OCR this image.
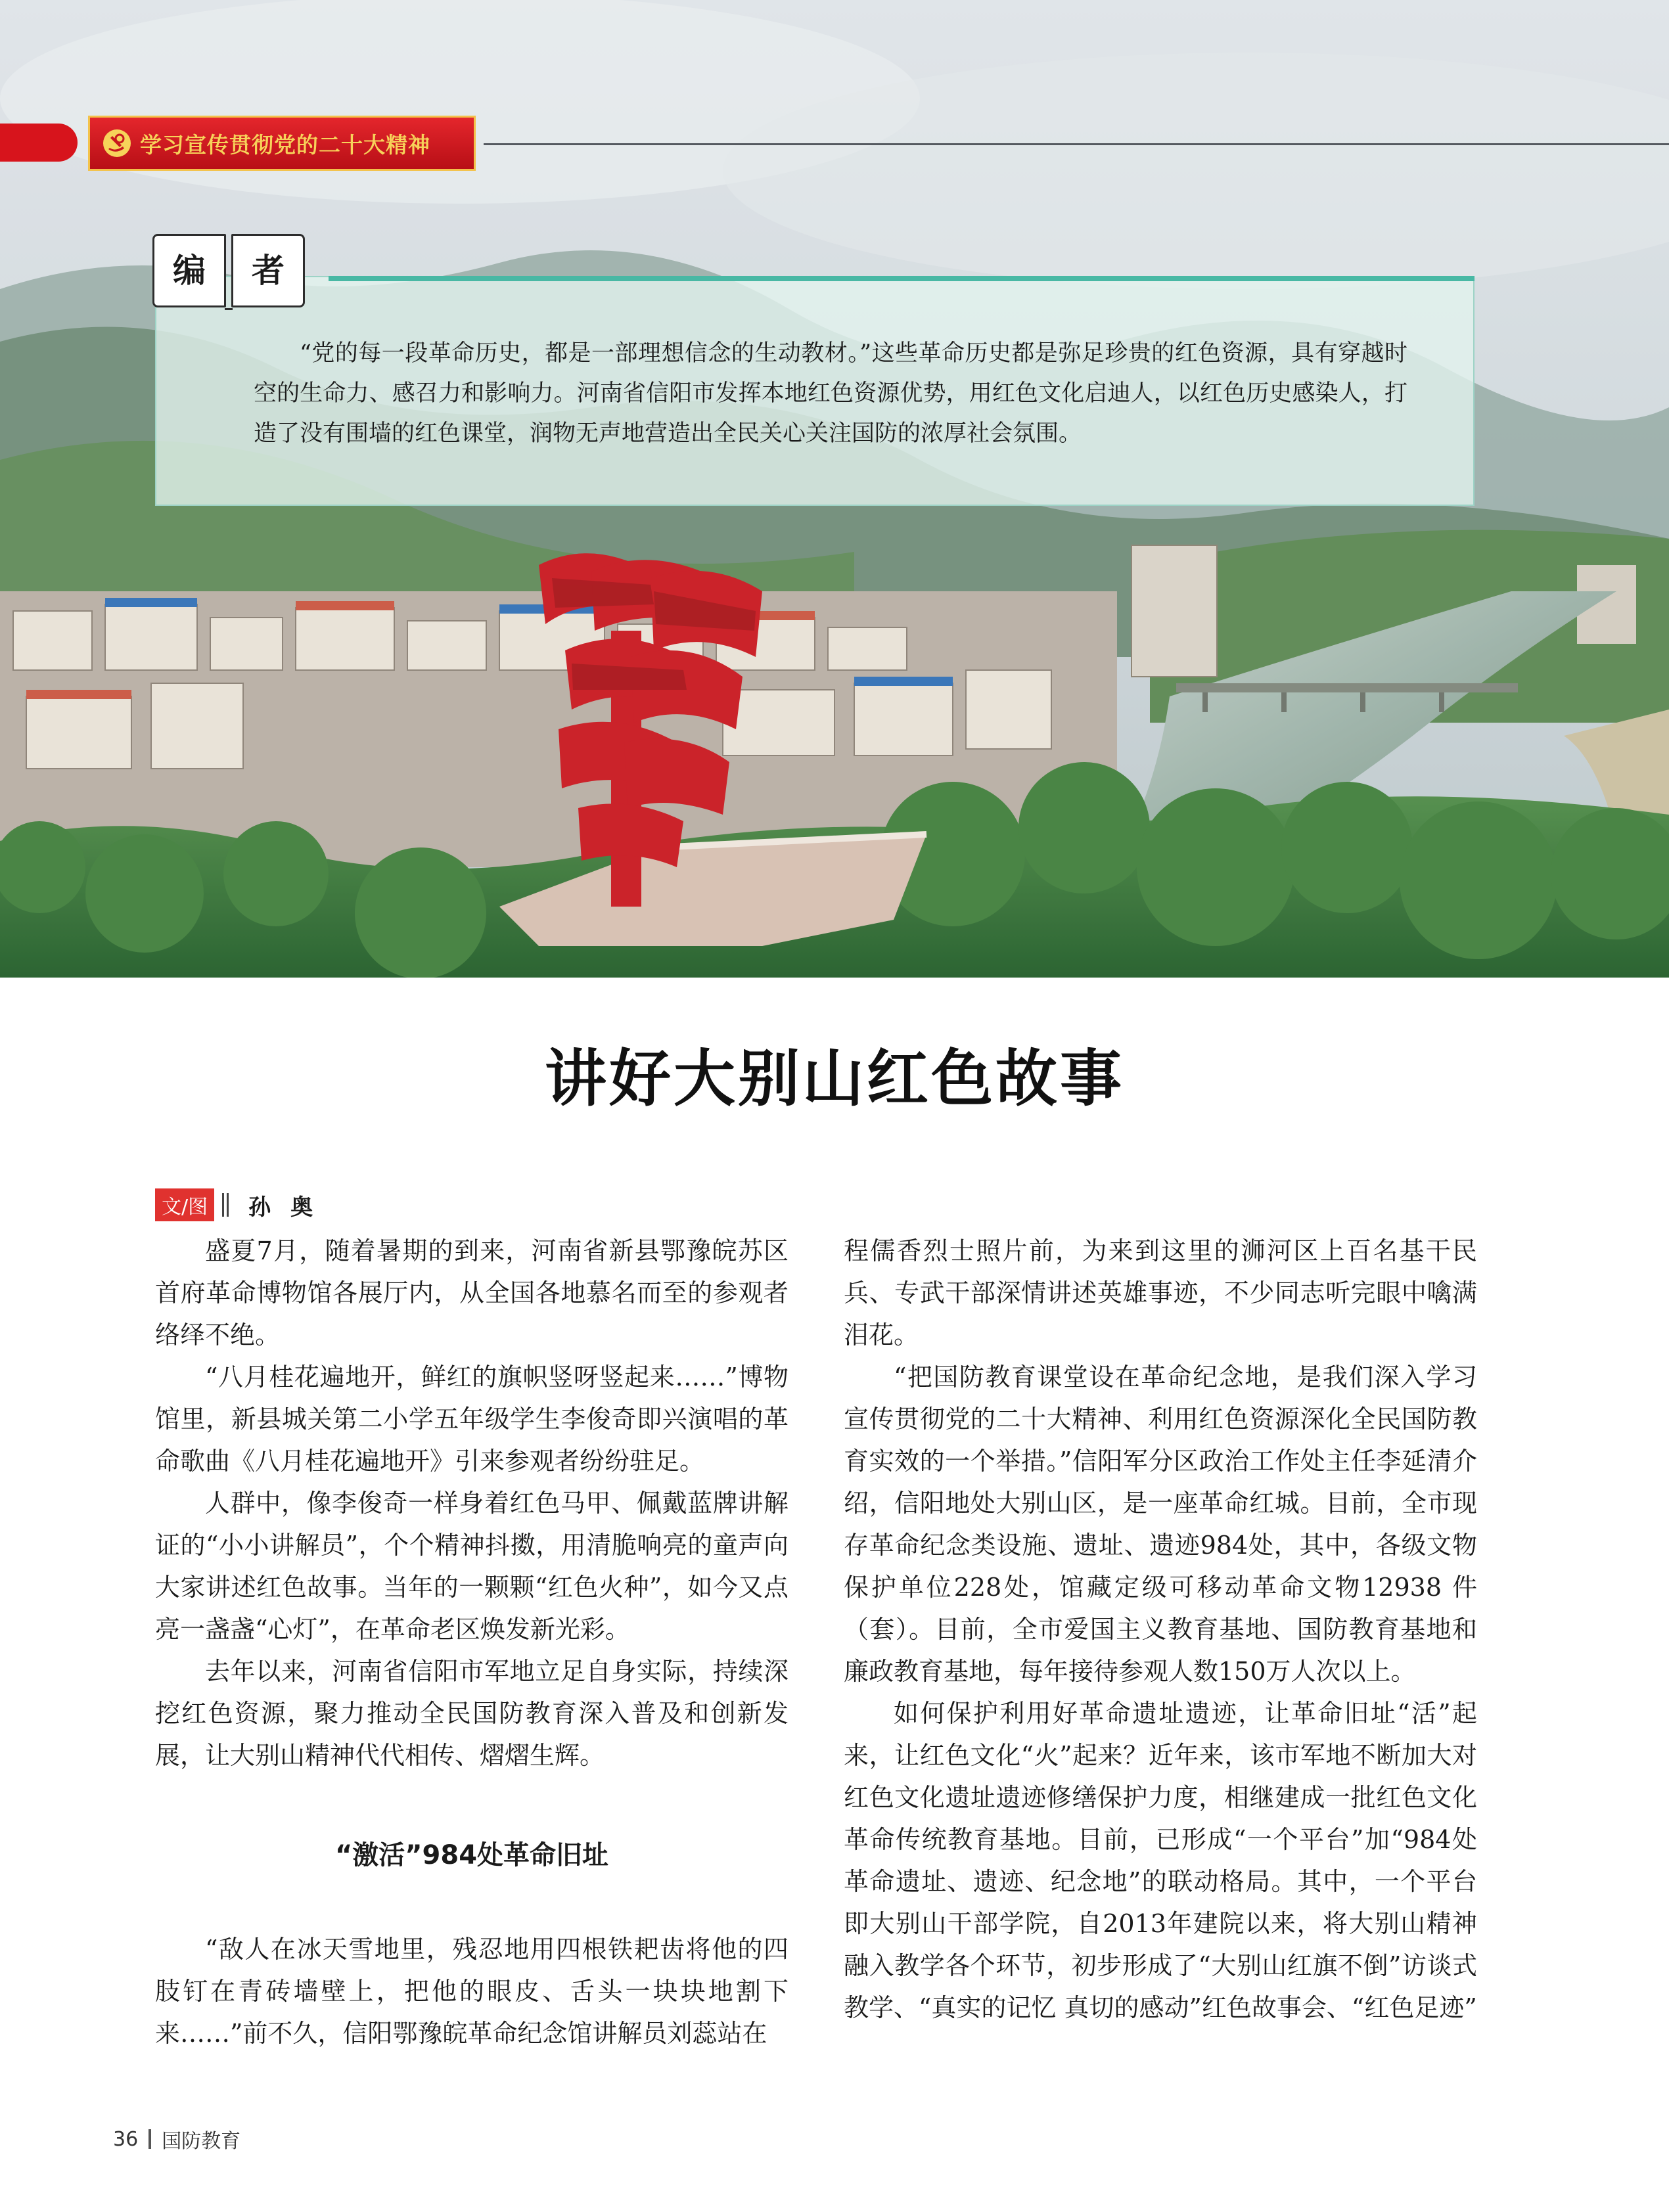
学习宣传贯彻党的二十大精神
编	者

“党的每一段革命历史，都是一部理想信念的生动教材。”这些革命历史都是弥足珍贵的红色资源，具有穿越时空的生命力、感召力和影响力。河南省信阳市发挥本地红色资源优势，用红色文化启迪人，以红色历史感染人，打造了没有围墙的红色课堂，润物无声地营造出全民关心关注国防的浓厚社会氛围。

讲好大别山红色故事
文/图 孙奥

盛夏7月，随着暑期的到来，河南省新县鄂豫皖苏区首府革命博物馆各展厅内，从全国各地慕名而至的参观者络绎不绝。

“八月桂花遍地开，鲜红的旗帜竖呀竖起来……”博物馆里，新县城关第二小学五年级学生李俊奇即兴演唱的革命歌曲《八月桂花遍地开》引来参观者纷纷驻足。

人群中，像李俊奇一样身着红色马甲、佩戴蓝牌讲解证的“小小讲解员”，个个精神抖擞，用清脆响亮的童声向大家讲述红色故事。当年的一颗颗“红色火种”，如今又点亮一盏盏“心灯”，在革命老区焕发新光彩。

去年以来，河南省信阳市军地立足自身实际，持续深挖红色资源，聚力推动全民国防教育深入普及和创新发展，让大别山精神代代相传、熠熠生辉。

“激活”984处革命旧址

“敌人在冰天雪地里，残忍地用四根铁耙齿将他的四肢钉在青砖墙壁上，把他的眼皮、舌头一块块地割下来……”前不久，信阳鄂豫皖革命纪念馆讲解员刘蕊站在

程儒香烈士照片前，为来到这里的浉河区上百名基干民兵、专武干部深情讲述英雄事迹，不少同志听完眼中噙满泪花。

“把国防教育课堂设在革命纪念地，是我们深入学习宣传贯彻党的二十大精神、利用红色资源深化全民国防教育实效的一个举措。”信阳军分区政治工作处主任李延清介绍，信阳地处大别山区，是一座革命红城。目前，全市现存革命纪念类设施、遗址、遗迹984处，其中，各级文物保护单位228处，馆藏定级可移动革命文物12938 件（套）。目前，全市爱国主义教育基地、国防教育基地和廉政教育基地，每年接待参观人数150万人次以上。

如何保护利用好革命遗址遗迹，让革命旧址“活”起来，让红色文化“火”起来？近年来，该市军地不断加大对红色文化遗址遗迹修缮保护力度，相继建成一批红色文化革命传统教育基地。目前，已形成“一个平台”加“984处革命遗址、遗迹、纪念地”的联动格局。其中，一个平台即大别山干部学院，自2013年建院以来，将大别山精神融入教学各个环节，初步形成了“大别山红旗不倒”访谈式教学、“真实的记忆 真切的感动”红色故事会、“红色足迹”

36 国防教育
